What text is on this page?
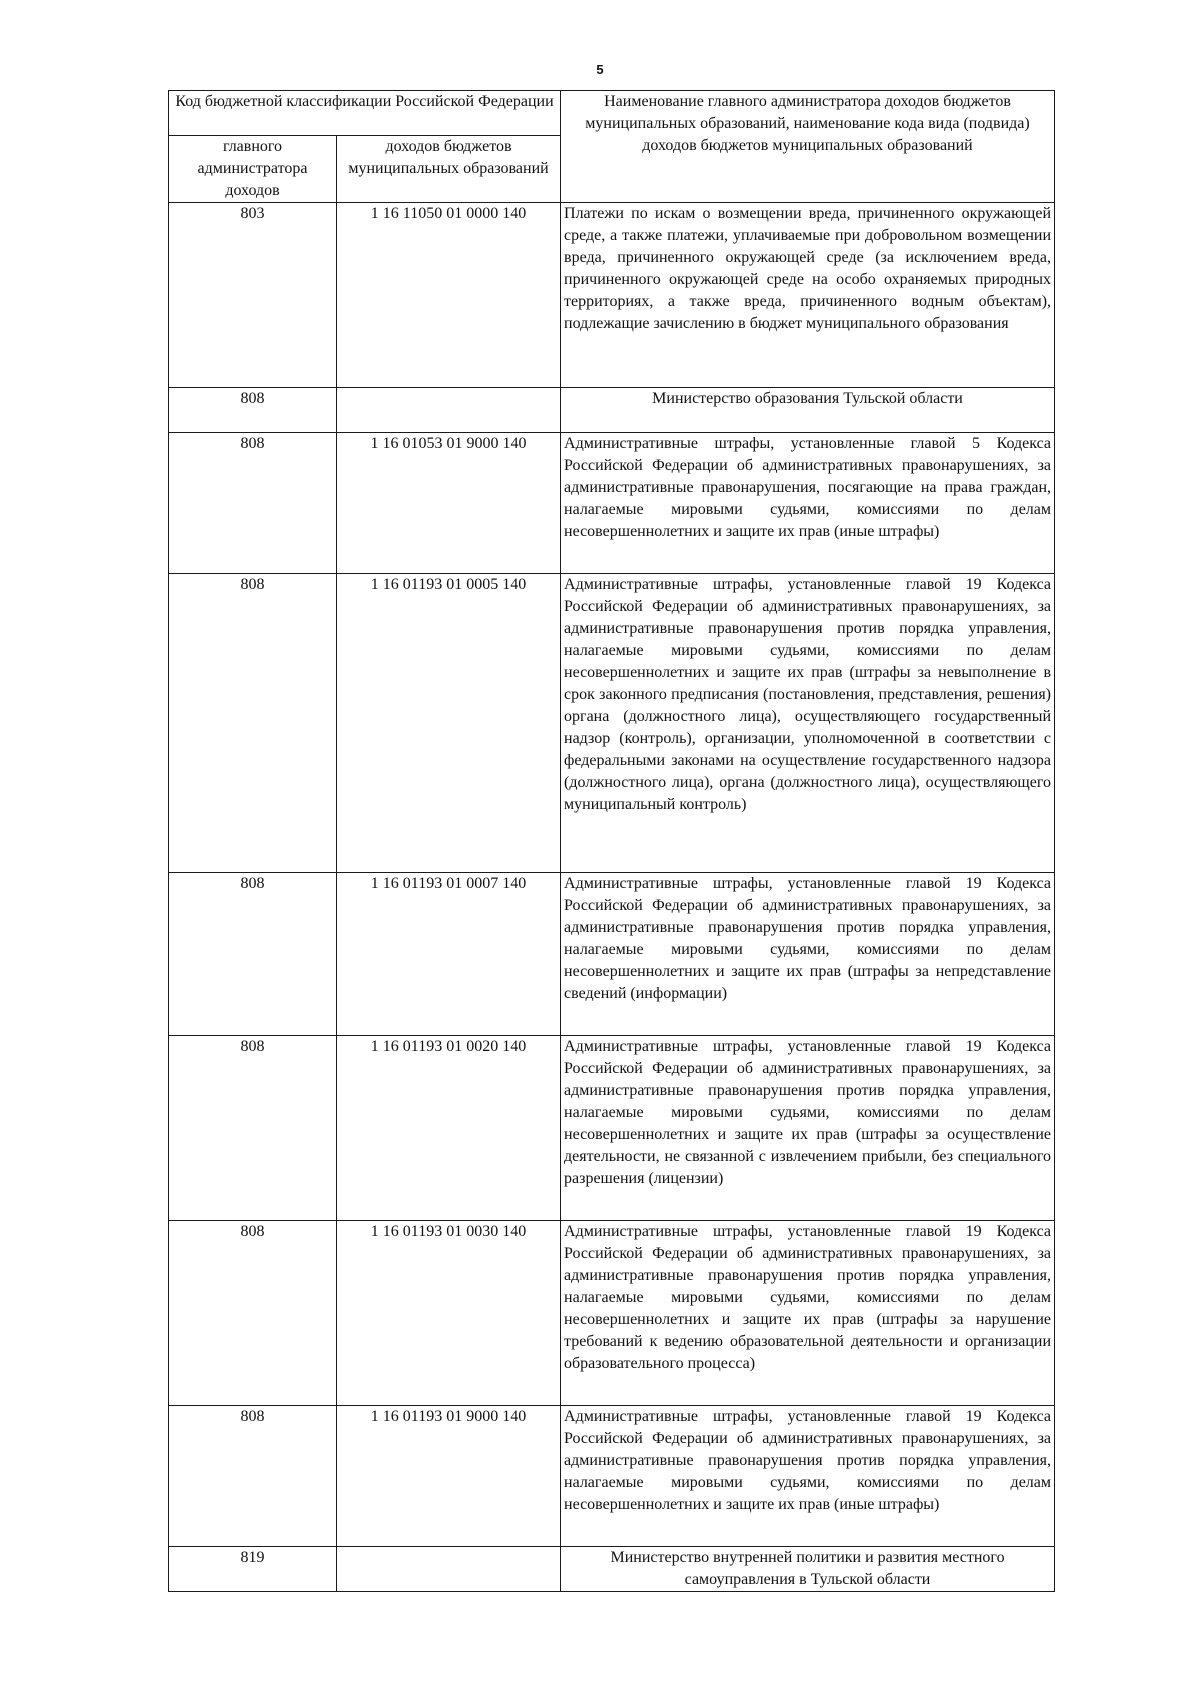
5
Код бюджетной классификации Российской Федерации		Наименование главного администратора доходов бюджетов муниципальных образований, наименование кода вида (подвида) доходов бюджетов муниципальных образований
главного администратора доходов	доходов бюджетов муниципальных образований	
803	1 16 11050 01 0000 140	Платежи по искам о возмещении вреда, причиненного окружающей среде, а также платежи, уплачиваемые при добровольном возмещении вреда, причиненного окружающей среде (за исключением вреда, причиненного окружающей среде на особо охраняемых природных территориях, а также вреда, причиненного водным объектам), подлежащие зачислению в бюджет муниципального образования
808		Министерство образования Тульской области
808	1 16 01053 01 9000 140	Административные штрафы, установленные главой 5 Кодекса Российской Федерации об административных правонарушениях, за административные правонарушения, посягающие на права граждан, налагаемые мировыми судьями, комиссиями по делам несовершеннолетних и защите их прав (иные штрафы)
808	1 16 01193 01 0005 140	Административные штрафы, установленные главой 19 Кодекса Российской Федерации об административных правонарушениях, за административные правонарушения против порядка управления, налагаемые мировыми судьями, комиссиями по делам несовершеннолетних и защите их прав (штрафы за невыполнение в срок законного предписания (постановления, представления, решения) органа (должностного лица), осуществляющего государственный надзор (контроль), организации, уполномоченной в соответствии с федеральными законами на осуществление государственного надзора (должностного лица), органа (должностного лица), осуществляющего муниципальный контроль)
808	1 16 01193 01 0007 140	Административные штрафы, установленные главой 19 Кодекса Российской Федерации об административных правонарушениях, за административные правонарушения против порядка управления, налагаемые мировыми судьями, комиссиями по делам несовершеннолетних и защите их прав (штрафы за непредставление сведений (информации)
808	1 16 01193 01 0020 140	Административные штрафы, установленные главой 19 Кодекса Российской Федерации об административных правонарушениях, за административные правонарушения против порядка управления, налагаемые мировыми судьями, комиссиями по делам несовершеннолетних и защите их прав (штрафы за осуществление деятельности, не связанной с извлечением прибыли, без специального разрешения (лицензии)
808	1 16 01193 01 0030 140	Административные штрафы, установленные главой 19 Кодекса Российской Федерации об административных правонарушениях, за административные правонарушения против порядка управления, налагаемые мировыми судьями, комиссиями по делам несовершеннолетних и защите их прав (штрафы за нарушение требований к ведению образовательной деятельности и организации образовательного процесса)
808	1 16 01193 01 9000 140	Административные штрафы, установленные главой 19 Кодекса Российской Федерации об административных правонарушениях, за административные правонарушения против порядка управления, налагаемые мировыми судьями, комиссиями по делам несовершеннолетних и защите их прав (иные штрафы)
819		Министерство внутренней политики и развития местного самоуправления в Тульской области
